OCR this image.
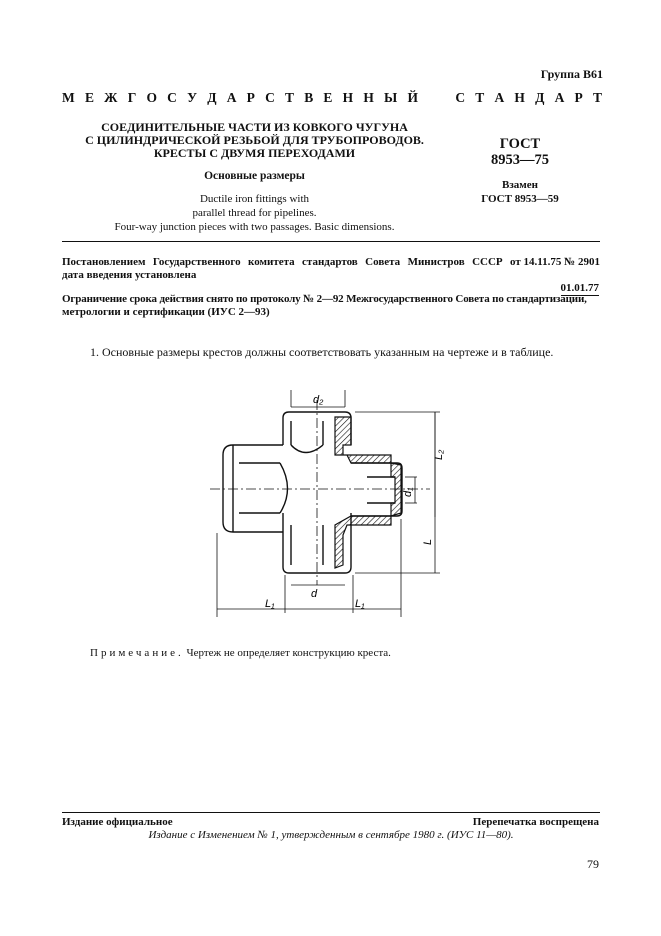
Группа В61
М Е Ж Г О С У Д А Р С Т В Е Н Н Ы Й

	С Т А Н Д А Р Т
СОЕДИНИТЕЛЬНЫЕ ЧАСТИ ИЗ КОВКОГО ЧУГУНА
С ЦИЛИНДРИЧЕСКОЙ РЕЗЬБОЙ ДЛЯ ТРУБОПРОВОДОВ.
КРЕСТЫ С ДВУМЯ ПЕРЕХОДАМИ
Основные размеры
Ductile iron fittings with
parallel thread for pipelines.
Four-way junction pieces with two passages. Basic dimensions.
ГОСТ
8953—75
Взамен
ГОСТ 8953—59
Постановлением Государственного комитета стандартов Совета Министров СССР от 14.11.75 № 2901
дата введения установлена
01.01.77
Ограничение срока действия снято по протоколу № 2—92 Межгосударственного Совета по стандартизации,
метрологии и сертификации (ИУС 2—93)
1. Основные размеры крестов должны соответствовать указанным на чертеже и в таблице.
d₂
d
L₁	L₁
d₁
L
L₂
Примечание. Чертеж не определяет конструкцию креста.
Издание официальное	Перепечатка воспрещена
Издание с Изменением № 1, утвержденным в сентябре 1980 г. (ИУС 11—80).
79
